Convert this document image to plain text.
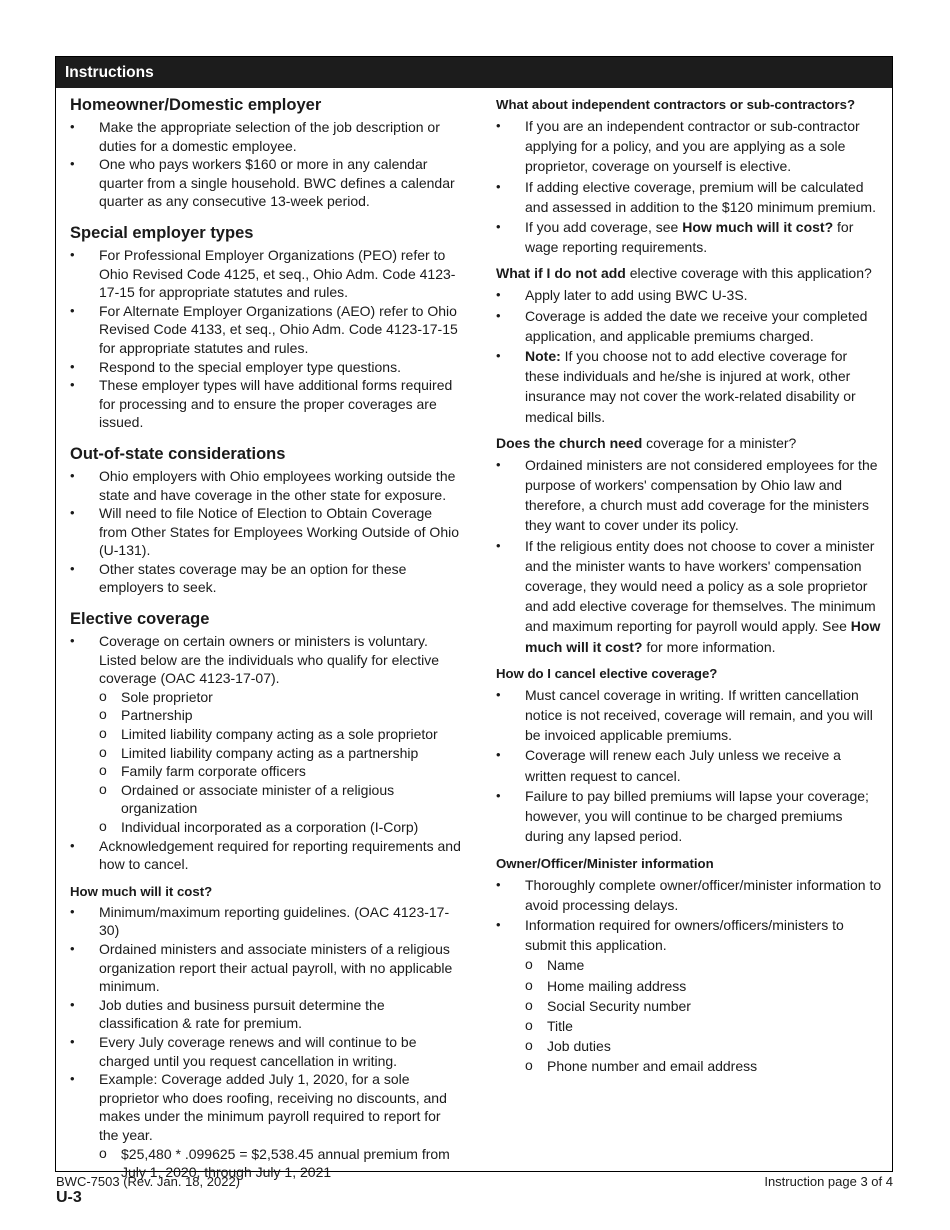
Instructions
Homeowner/Domestic employer
• Make the appropriate selection of the job description or duties for a domestic employee.
• One who pays workers $160 or more in any calendar quarter from a single household. BWC defines a calendar quarter as any consecutive 13-week period.
Special employer types
• For Professional Employer Organizations (PEO) refer to Ohio Revised Code 4125, et seq., Ohio Adm. Code 4123-17-15 for appropriate statutes and rules.
• For Alternate Employer Organizations (AEO) refer to Ohio Revised Code 4133, et seq., Ohio Adm. Code 4123-17-15 for appropriate statutes and rules.
• Respond to the special employer type questions.
• These employer types will have additional forms required for processing and to ensure the proper coverages are issued.
Out-of-state considerations
• Ohio employers with Ohio employees working outside the state and have coverage in the other state for exposure.
• Will need to file Notice of Election to Obtain Coverage from Other States for Employees Working Outside of Ohio (U-131).
• Other states coverage may be an option for these employers to seek.
Elective coverage
• Coverage on certain owners or ministers is voluntary. Listed below are the individuals who qualify for elective coverage (OAC 4123-17-07).
o Sole proprietor
o Partnership
o Limited liability company acting as a sole proprietor
o Limited liability company acting as a partnership
o Family farm corporate officers
o Ordained or associate minister of a religious organization
o Individual incorporated as a corporation (I-Corp)
• Acknowledgement required for reporting requirements and how to cancel.
How much will it cost?
• Minimum/maximum reporting guidelines. (OAC 4123-17-30)
• Ordained ministers and associate ministers of a religious organization report their actual payroll, with no applicable minimum.
• Job duties and business pursuit determine the classification & rate for premium.
• Every July coverage renews and will continue to be charged until you request cancellation in writing.
• Example: Coverage added July 1, 2020, for a sole proprietor who does roofing, receiving no discounts, and makes under the minimum payroll required to report for the year.
o $25,480 * .099625 = $2,538.45 annual premium from July 1, 2020, through July 1, 2021
What about independent contractors or sub-contractors?
• If you are an independent contractor or sub-contractor applying for a policy, and you are applying as a sole proprietor, coverage on yourself is elective.
• If adding elective coverage, premium will be calculated and assessed in addition to the $120 minimum premium.
• If you add coverage, see How much will it cost? for wage reporting requirements.
What if I do not add elective coverage with this application?
• Apply later to add using BWC U-3S.
• Coverage is added the date we receive your completed application, and applicable premiums charged.
• Note: If you choose not to add elective coverage for these individuals and he/she is injured at work, other insurance may not cover the work-related disability or medical bills.
Does the church need coverage for a minister?
• Ordained ministers are not considered employees for the purpose of workers' compensation by Ohio law and therefore, a church must add coverage for the ministers they want to cover under its policy.
• If the religious entity does not choose to cover a minister and the minister wants to have workers' compensation coverage, they would need a policy as a sole proprietor and add elective coverage for themselves. The minimum and maximum reporting for payroll would apply. See How much will it cost? for more information.
How do I cancel elective coverage?
• Must cancel coverage in writing. If written cancellation notice is not received, coverage will remain, and you will be invoiced applicable premiums.
• Coverage will renew each July unless we receive a written request to cancel.
• Failure to pay billed premiums will lapse your coverage; however, you will continue to be charged premiums during any lapsed period.
Owner/Officer/Minister information
• Thoroughly complete owner/officer/minister information to avoid processing delays.
• Information required for owners/officers/ministers to submit this application.
o Name
o Home mailing address
o Social Security number
o Title
o Job duties
o Phone number and email address
BWC-7503 (Rev. Jan. 18, 2022)
U-3
Instruction page 3 of 4
